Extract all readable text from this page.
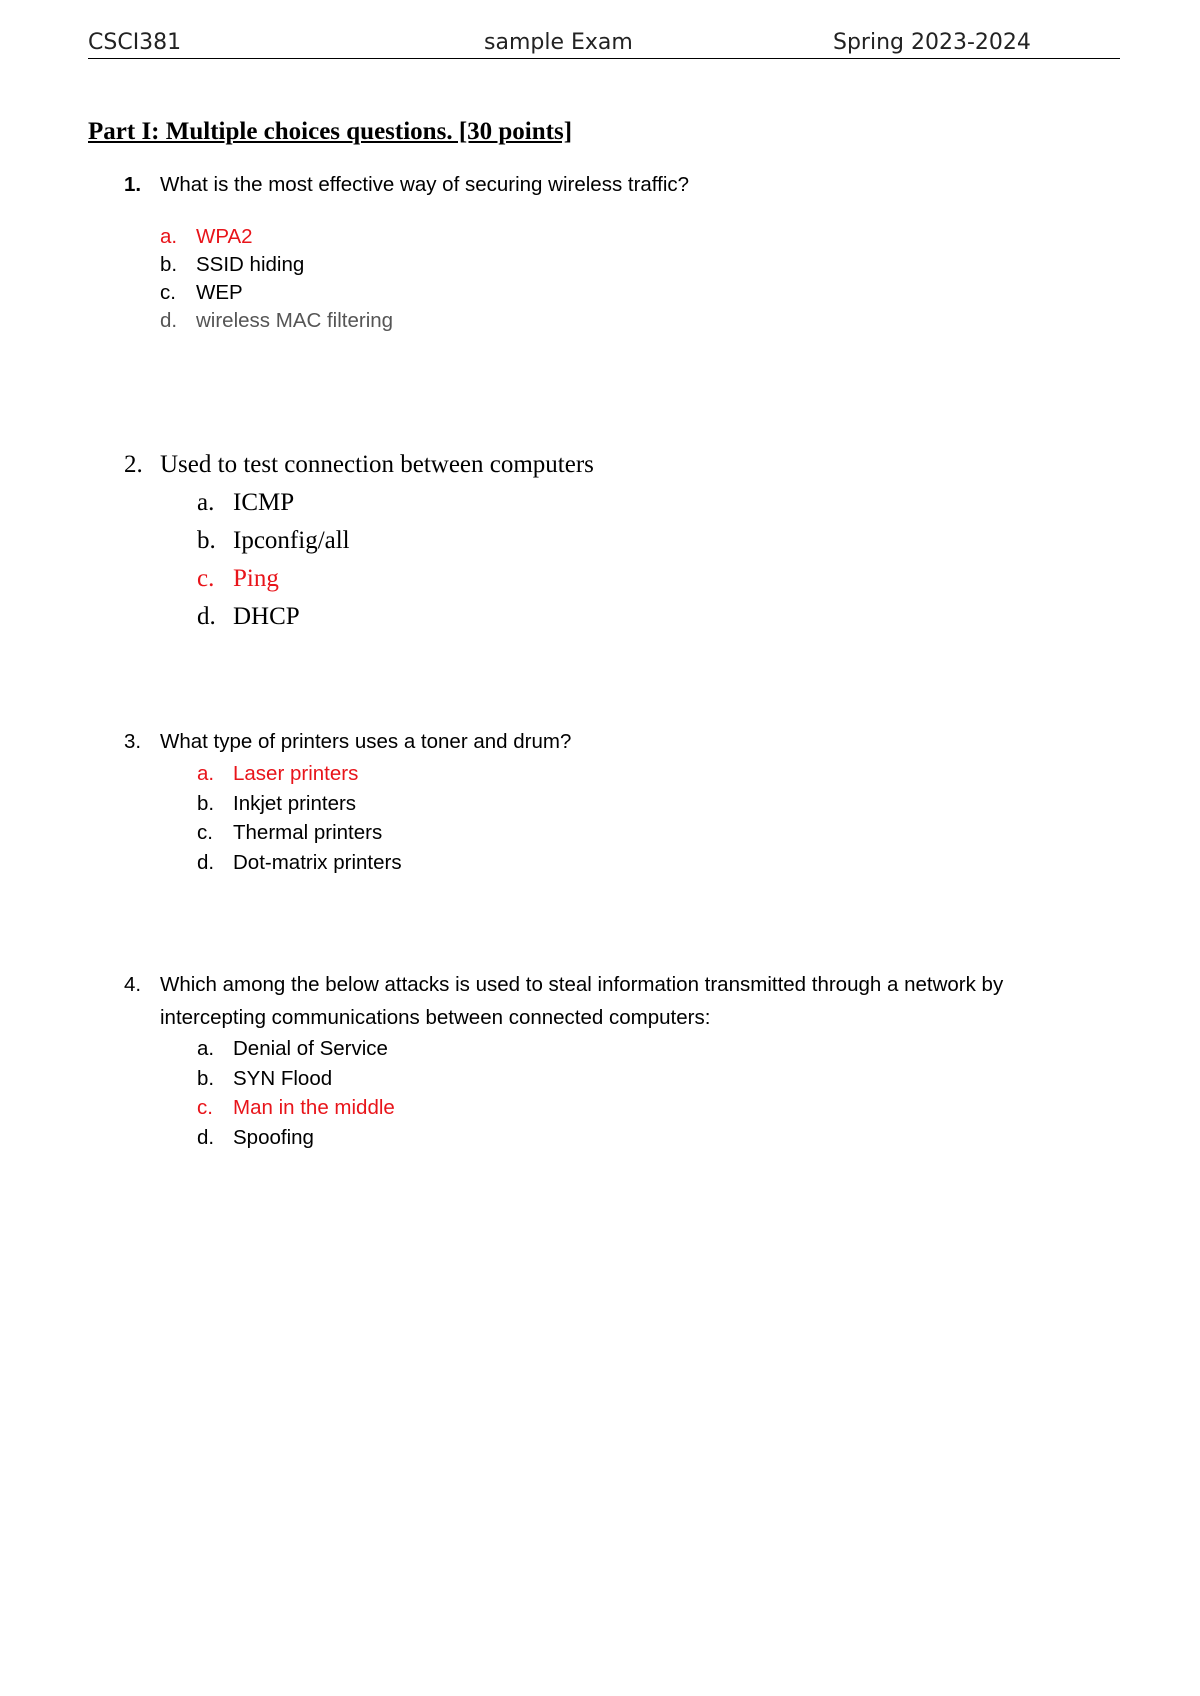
CSCI381	sample Exam	Spring 2023-2024
Part I: Multiple choices questions. [30 points]
1. What is the most effective way of securing wireless traffic?
a. WPA2
b. SSID hiding
c. WEP
d. wireless MAC filtering
2. Used to test connection between computers
a. ICMP
b. Ipconfig/all
c. Ping
d. DHCP
3. What type of printers uses a toner and drum?
a. Laser printers
b. Inkjet printers
c. Thermal printers
d. Dot-matrix printers
4. Which among the below attacks is used to steal information transmitted through a network by intercepting communications between connected computers:
a. Denial of Service
b. SYN Flood
c. Man in the middle
d. Spoofing
